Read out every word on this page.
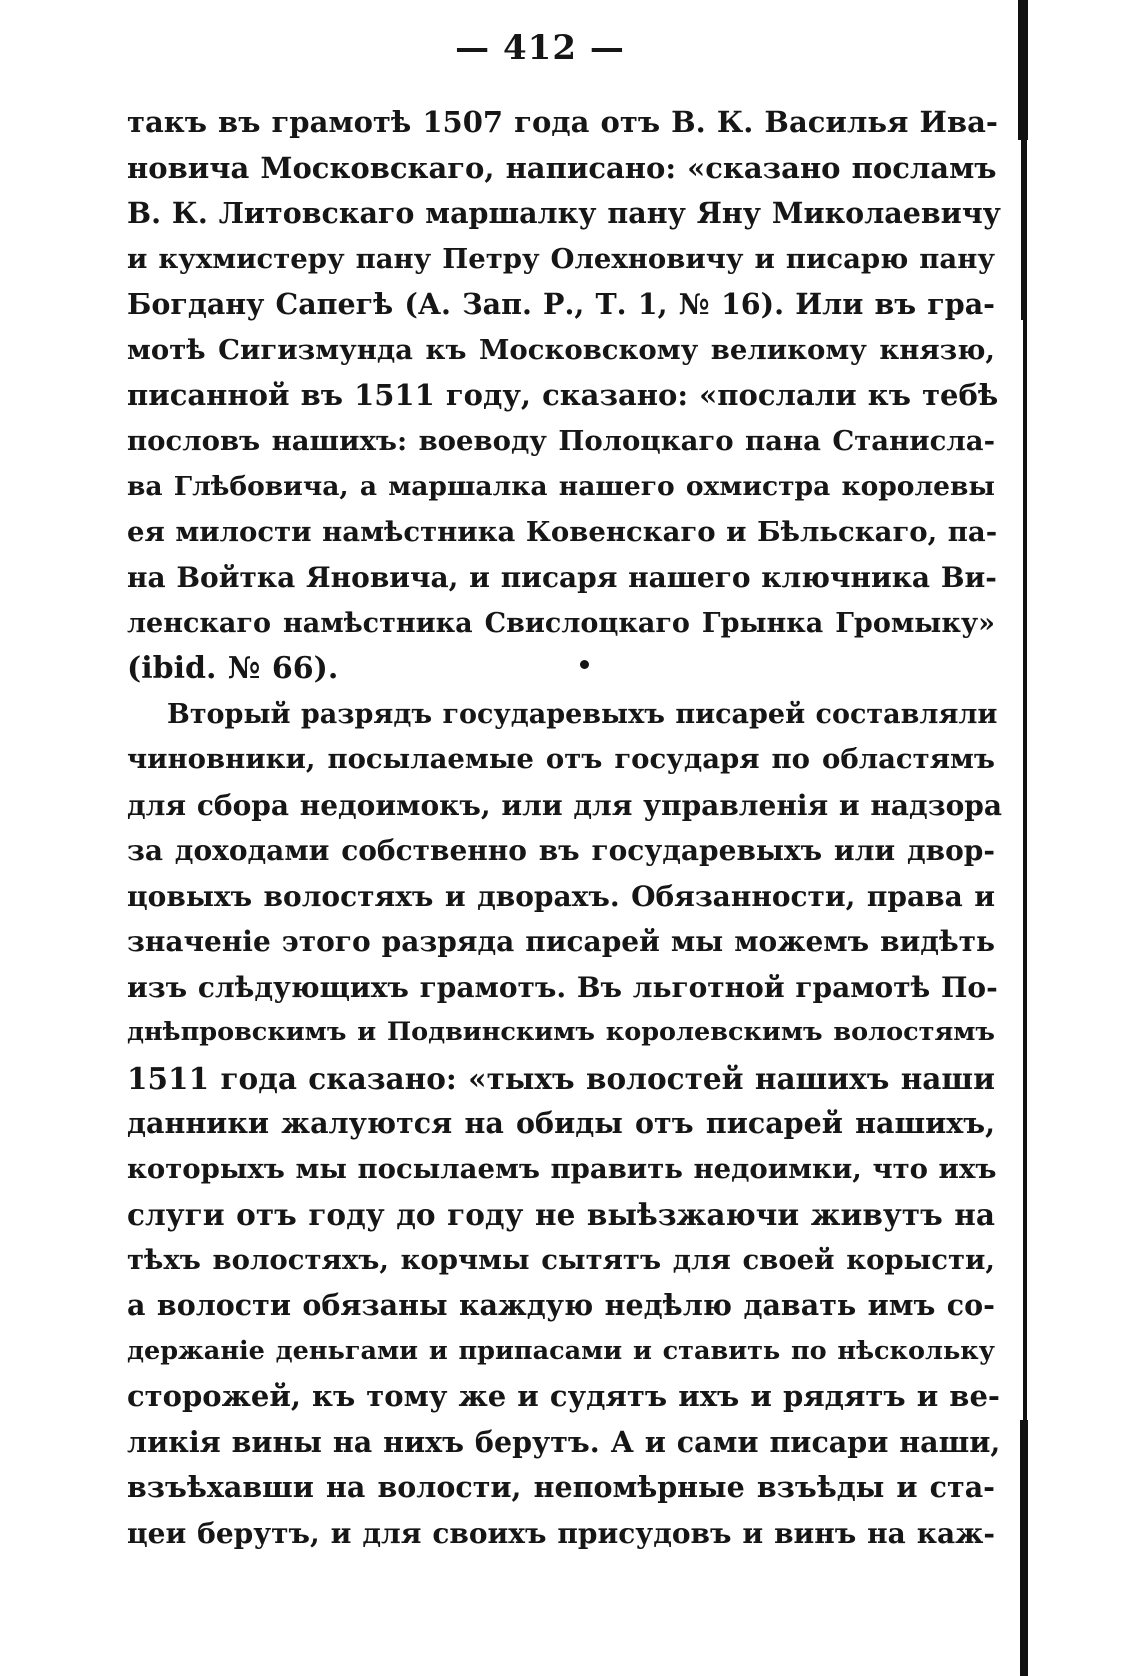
— 412 —
такъ въ грамотѣ 1507 года отъ В. К. Василья Ива-
новича Московскаго, написано: «сказано посламъ
В. К. Литовскаго маршалку пану Яну Миколаевичу
и кухмистеру пану Петру Олехновичу и писарю пану
Богдану Сапегѣ (А. Зап. Р., Т. 1, № 16). Или въ гра-
мотѣ Сигизмунда къ Московскому великому князю,
писанной въ 1511 году, сказано: «послали къ тебѣ
пословъ нашихъ: воеводу Полоцкаго пана Станисла-
ва Глѣбовича, а маршалка нашего охмистра королевы
ея милости намѣстника Ковенскаго и Бѣльскаго, па-
на Войтка Яновича, и писаря нашего ключника Ви-
ленскаго намѣстника Свислоцкаго Грынка Громыку»
(ibid. № 66).
Вторый разрядъ государевыхъ писарей составляли
чиновники, посылаемые отъ государя по областямъ
для сбора недоимокъ, или для управленія и надзора
за доходами собственно въ государевыхъ или двор-
цовыхъ волостяхъ и дворахъ. Обязанности, права и
значеніе этого разряда писарей мы можемъ видѣть
изъ слѣдующихъ грамотъ. Въ льготной грамотѣ По-
днѣпровскимъ и Подвинскимъ королевскимъ волостямъ
1511 года сказано: «тыхъ волостей нашихъ наши
данники жалуются на обиды отъ писарей нашихъ,
которыхъ мы посылаемъ править недоимки, что ихъ
слуги отъ году до году не выѣзжаючи живутъ на
тѣхъ волостяхъ, корчмы сытятъ для своей корысти,
а волости обязаны каждую недѣлю давать имъ со-
держаніе деньгами и припасами и ставить по нѣскольку
сторожей, къ тому же и судятъ ихъ и рядятъ и ве-
ликія вины на нихъ берутъ. А и сами писари наши,
взъѣхавши на волости, непомѣрные взъѣды и ста-
цеи берутъ, и для своихъ присудовъ и винъ на каж-
